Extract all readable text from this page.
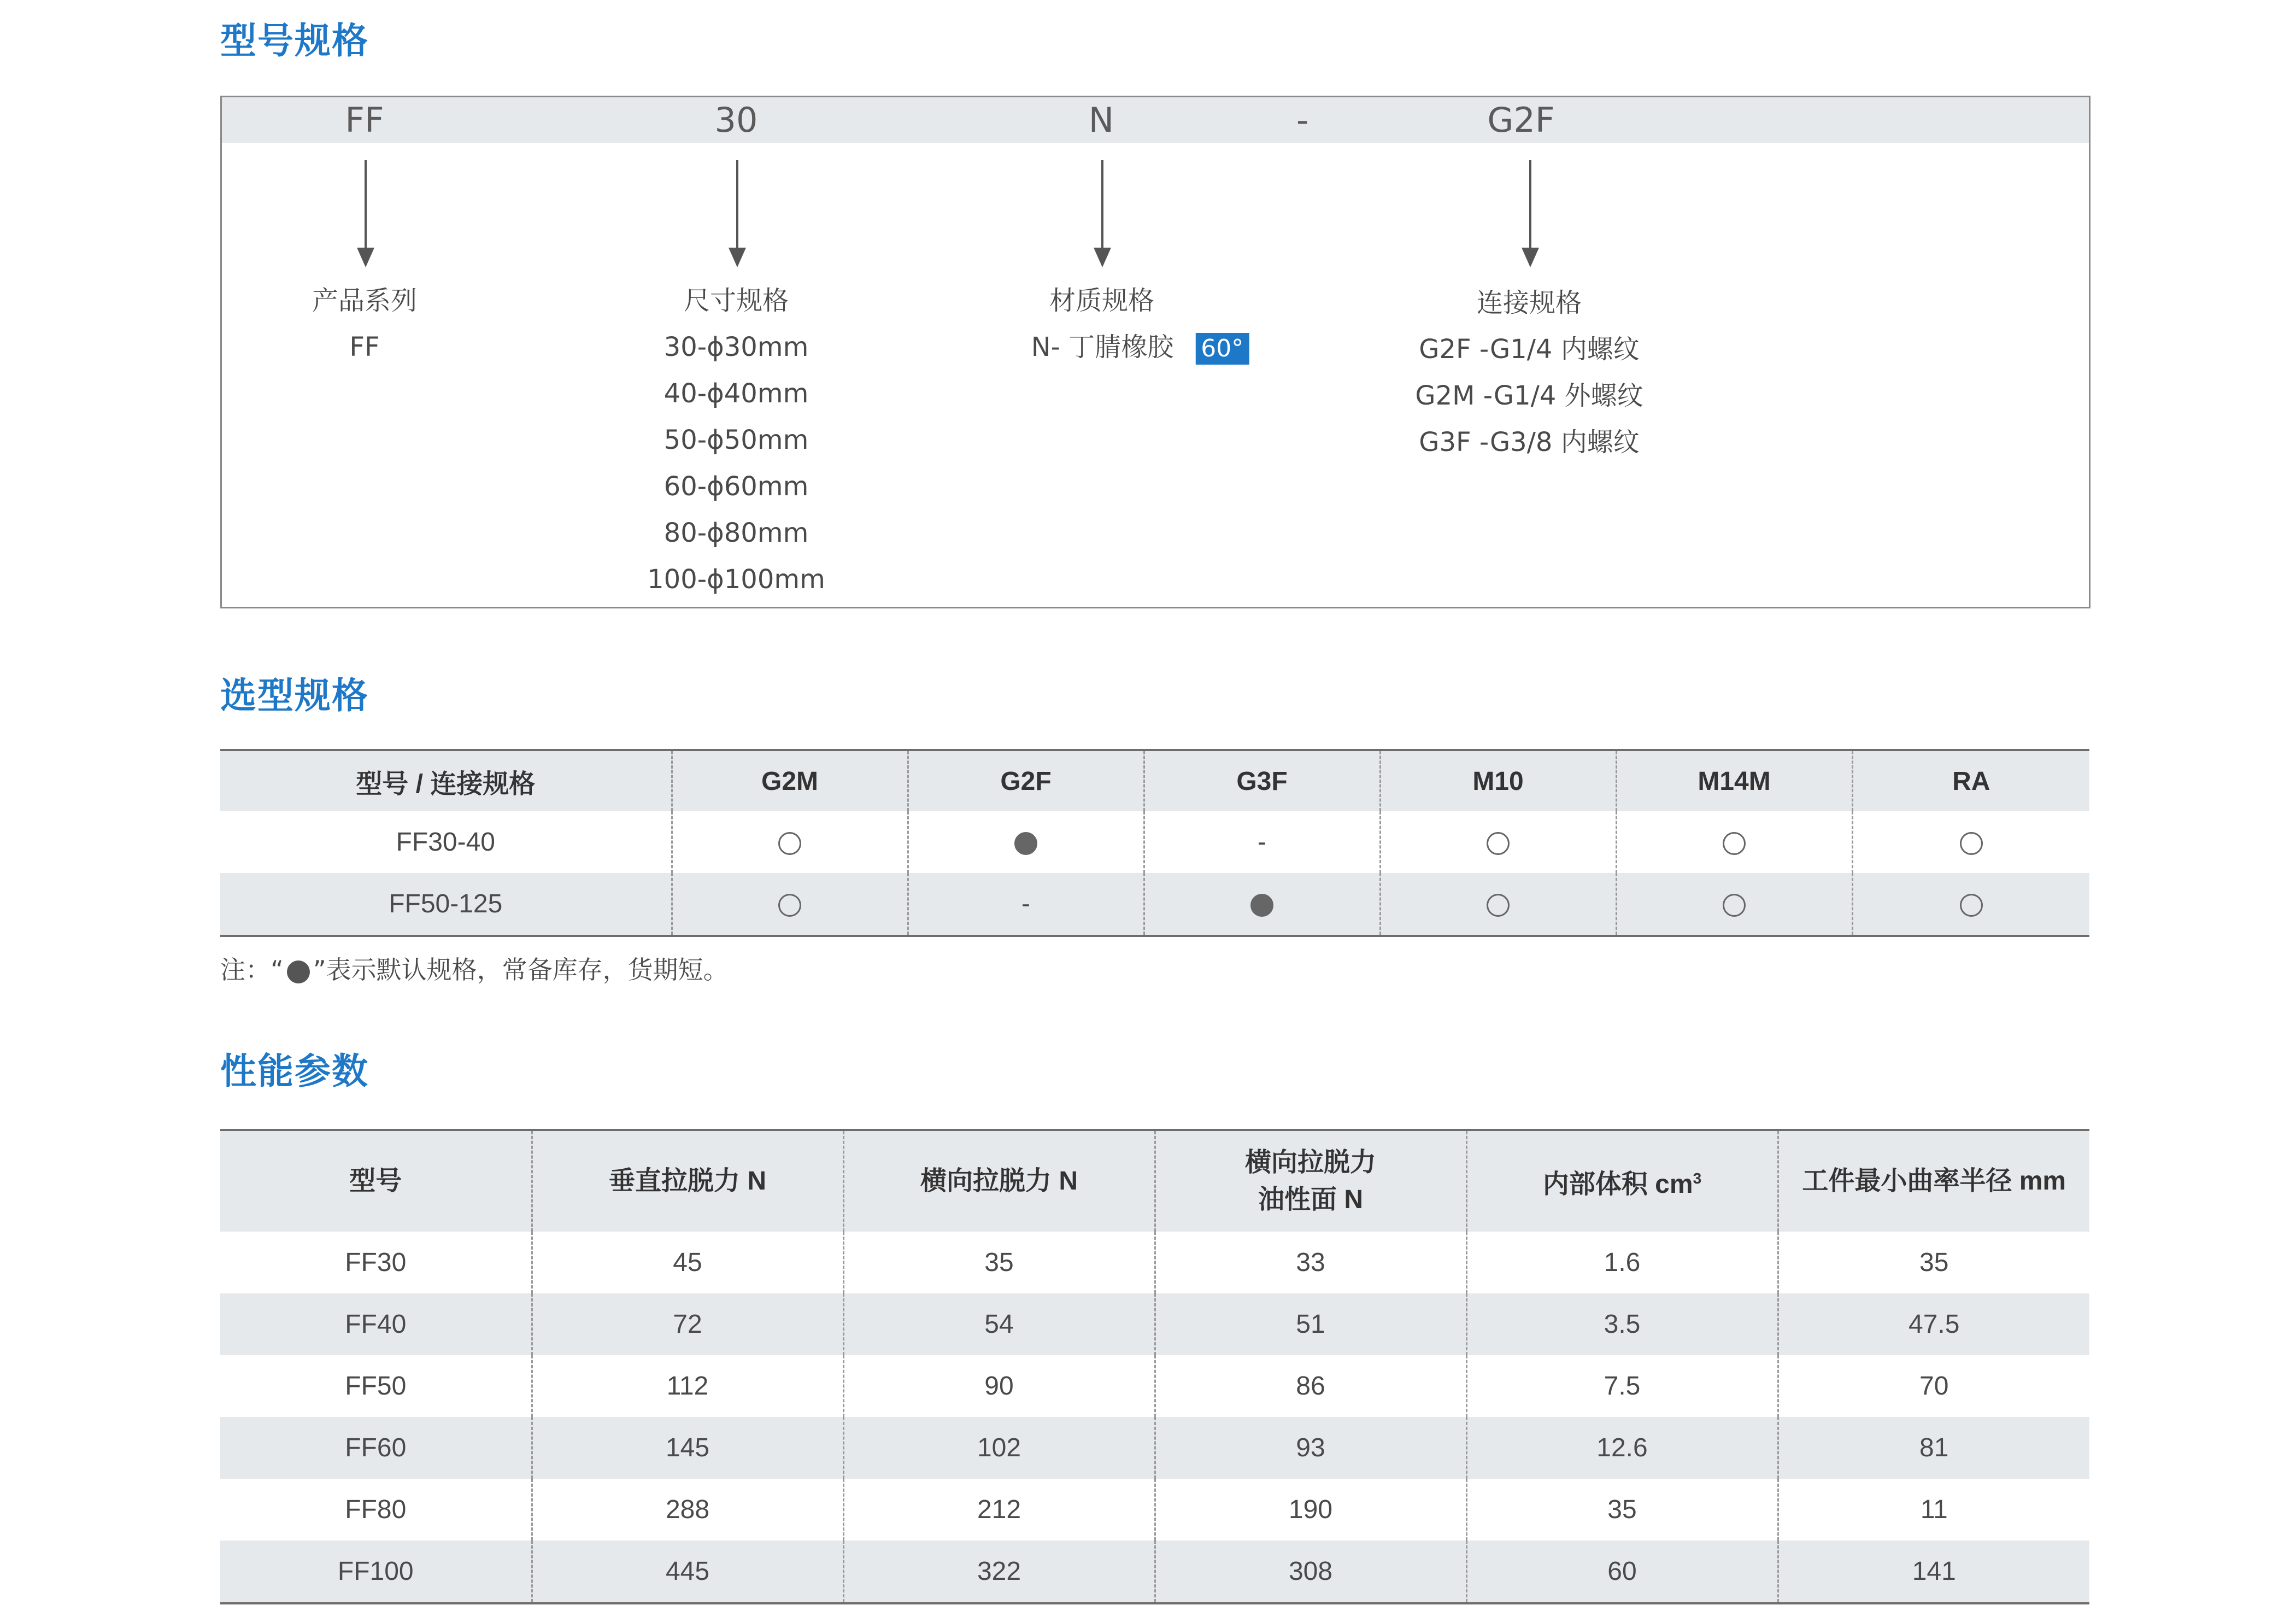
型号规格
FF	30	N	-	G2F
产品系列
FF
尺寸规格
30-ϕ30mm
40-ϕ40mm
50-ϕ50mm
60-ϕ60mm
80-ϕ80mm
100-ϕ100mm
材质规格
N- 丁腈橡胶 60°
连接规格
G2F -G1/4 内螺纹
G2M -G1/4 外螺纹
G3F -G3/8 内螺纹
选型规格
型号 / 连接规格	G2M	G2F	G3F	M10	M14M	RA
FF30-40			-			
FF50-125		-				
注：“ ”表示默认规格，常备库存，货期短。
性能参数
型号	垂直拉脱力 N	横向拉脱力 N	横向拉脱力
油性面 N	内部体积 $cm^3$	工件最小曲率半径 mm
FF30	45	35	33	1.6	35
FF40	72	54	51	3.5	47.5
FF50	112	90	86	7.5	70
FF60	145	102	93	12.6	81
FF80	288	212	190	35	11
FF100	445	322	308	60	141
